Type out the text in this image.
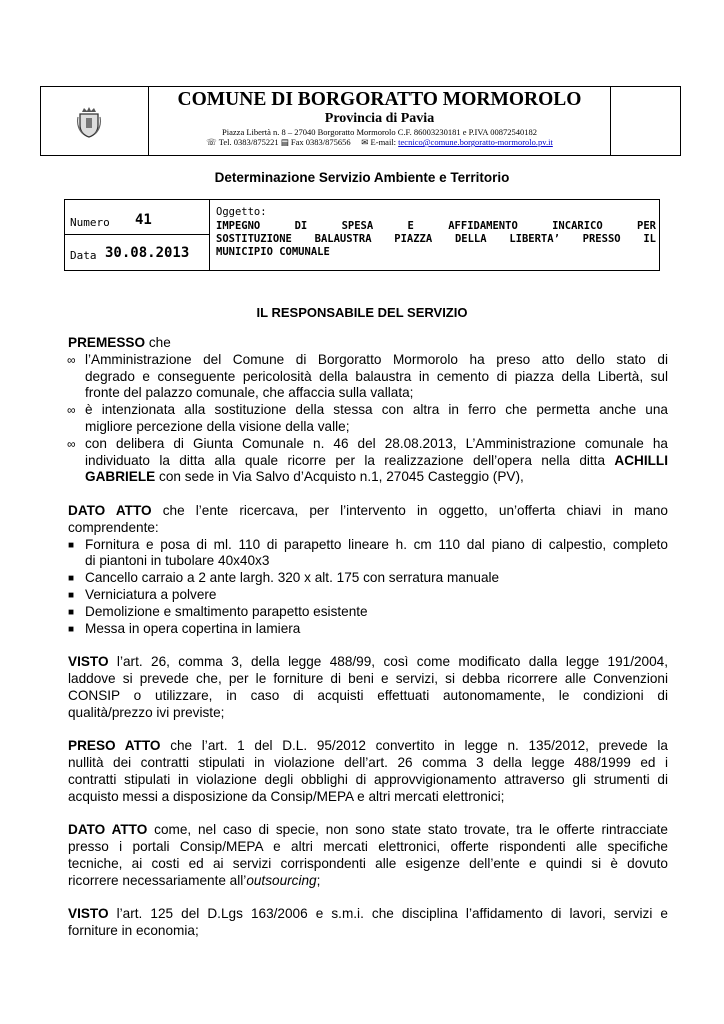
COMUNE DI BORGORATTO MORMOROLO
Provincia di Pavia
Piazza Libertà n. 8 – 27040 Borgoratto Mormorolo C.F. 86003230181 e P.IVA 00872540182
☏ Tel. 0383/875221 ▤ Fax 0383/875656 ✉ E-mail: tecnico@comune.borgoratto-mormorolo.pv.it
Determinazione Servizio Ambiente e Territorio
Numero 41
Data 30.08.2013
Oggetto:
IMPEGNO DI SPESA E AFFIDAMENTO INCARICO PER
SOSTITUZIONE BALAUSTRA PIAZZA DELLA LIBERTA’ PRESSO IL
MUNICIPIO COMUNALE
IL RESPONSABILE DEL SERVIZIO

PREMESSO che

∞ l’Amministrazione del Comune di Borgoratto Mormorolo ha preso atto dello stato di
degrado e conseguente pericolosità della balaustra in cemento di piazza della Libertà, sul
fronte del palazzo comunale, che affaccia sulla vallata;
∞ è intenzionata alla sostituzione della stessa con altra in ferro che permetta anche una
migliore percezione della visione della valle;
∞ con delibera di Giunta Comunale n. 46 del 28.08.2013, L’Amministrazione comunale ha
individuato la ditta alla quale ricorre per la realizzazione dell’opera nella ditta ACHILLI
GABRIELE con sede in Via Salvo d’Acquisto n.1, 27045 Casteggio (PV),

DATO ATTO che l’ente ricercava, per l’intervento in oggetto, un’offerta chiavi in mano
comprendente:

■ Fornitura e posa di ml. 110 di parapetto lineare h. cm 110 dal piano di calpestio, completo
di piantoni in tubolare 40x40x3
■ Cancello carraio a 2 ante largh. 320 x alt. 175 con serratura manuale
■ Verniciatura a polvere
■ Demolizione e smaltimento parapetto esistente
■ Messa in opera copertina in lamiera

VISTO l’art. 26, comma 3, della legge 488/99, così come modificato dalla legge 191/2004,
laddove si prevede che, per le forniture di beni e servizi, si debba ricorrere alle Convenzioni
CONSIP o utilizzare, in caso di acquisti effettuati autonomamente, le condizioni di
qualità/prezzo ivi previste;

PRESO ATTO che l’art. 1 del D.L. 95/2012 convertito in legge n. 135/2012, prevede la
nullità dei contratti stipulati in violazione dell’art. 26 comma 3 della legge 488/1999 ed i
contratti stipulati in violazione degli obblighi di approvvigionamento attraverso gli strumenti di
acquisto messi a disposizione da Consip/MEPA e altri mercati elettronici;

DATO ATTO come, nel caso di specie, non sono state stato trovate, tra le offerte rintracciate
presso i portali Consip/MEPA e altri mercati elettronici, offerte rispondenti alle specifiche
tecniche, ai costi ed ai servizi corrispondenti alle esigenze dell’ente e quindi si è dovuto
ricorrere necessariamente all’outsourcing;

VISTO l’art. 125 del D.Lgs 163/2006 e s.m.i. che disciplina l’affidamento di lavori, servizi e
forniture in economia;
